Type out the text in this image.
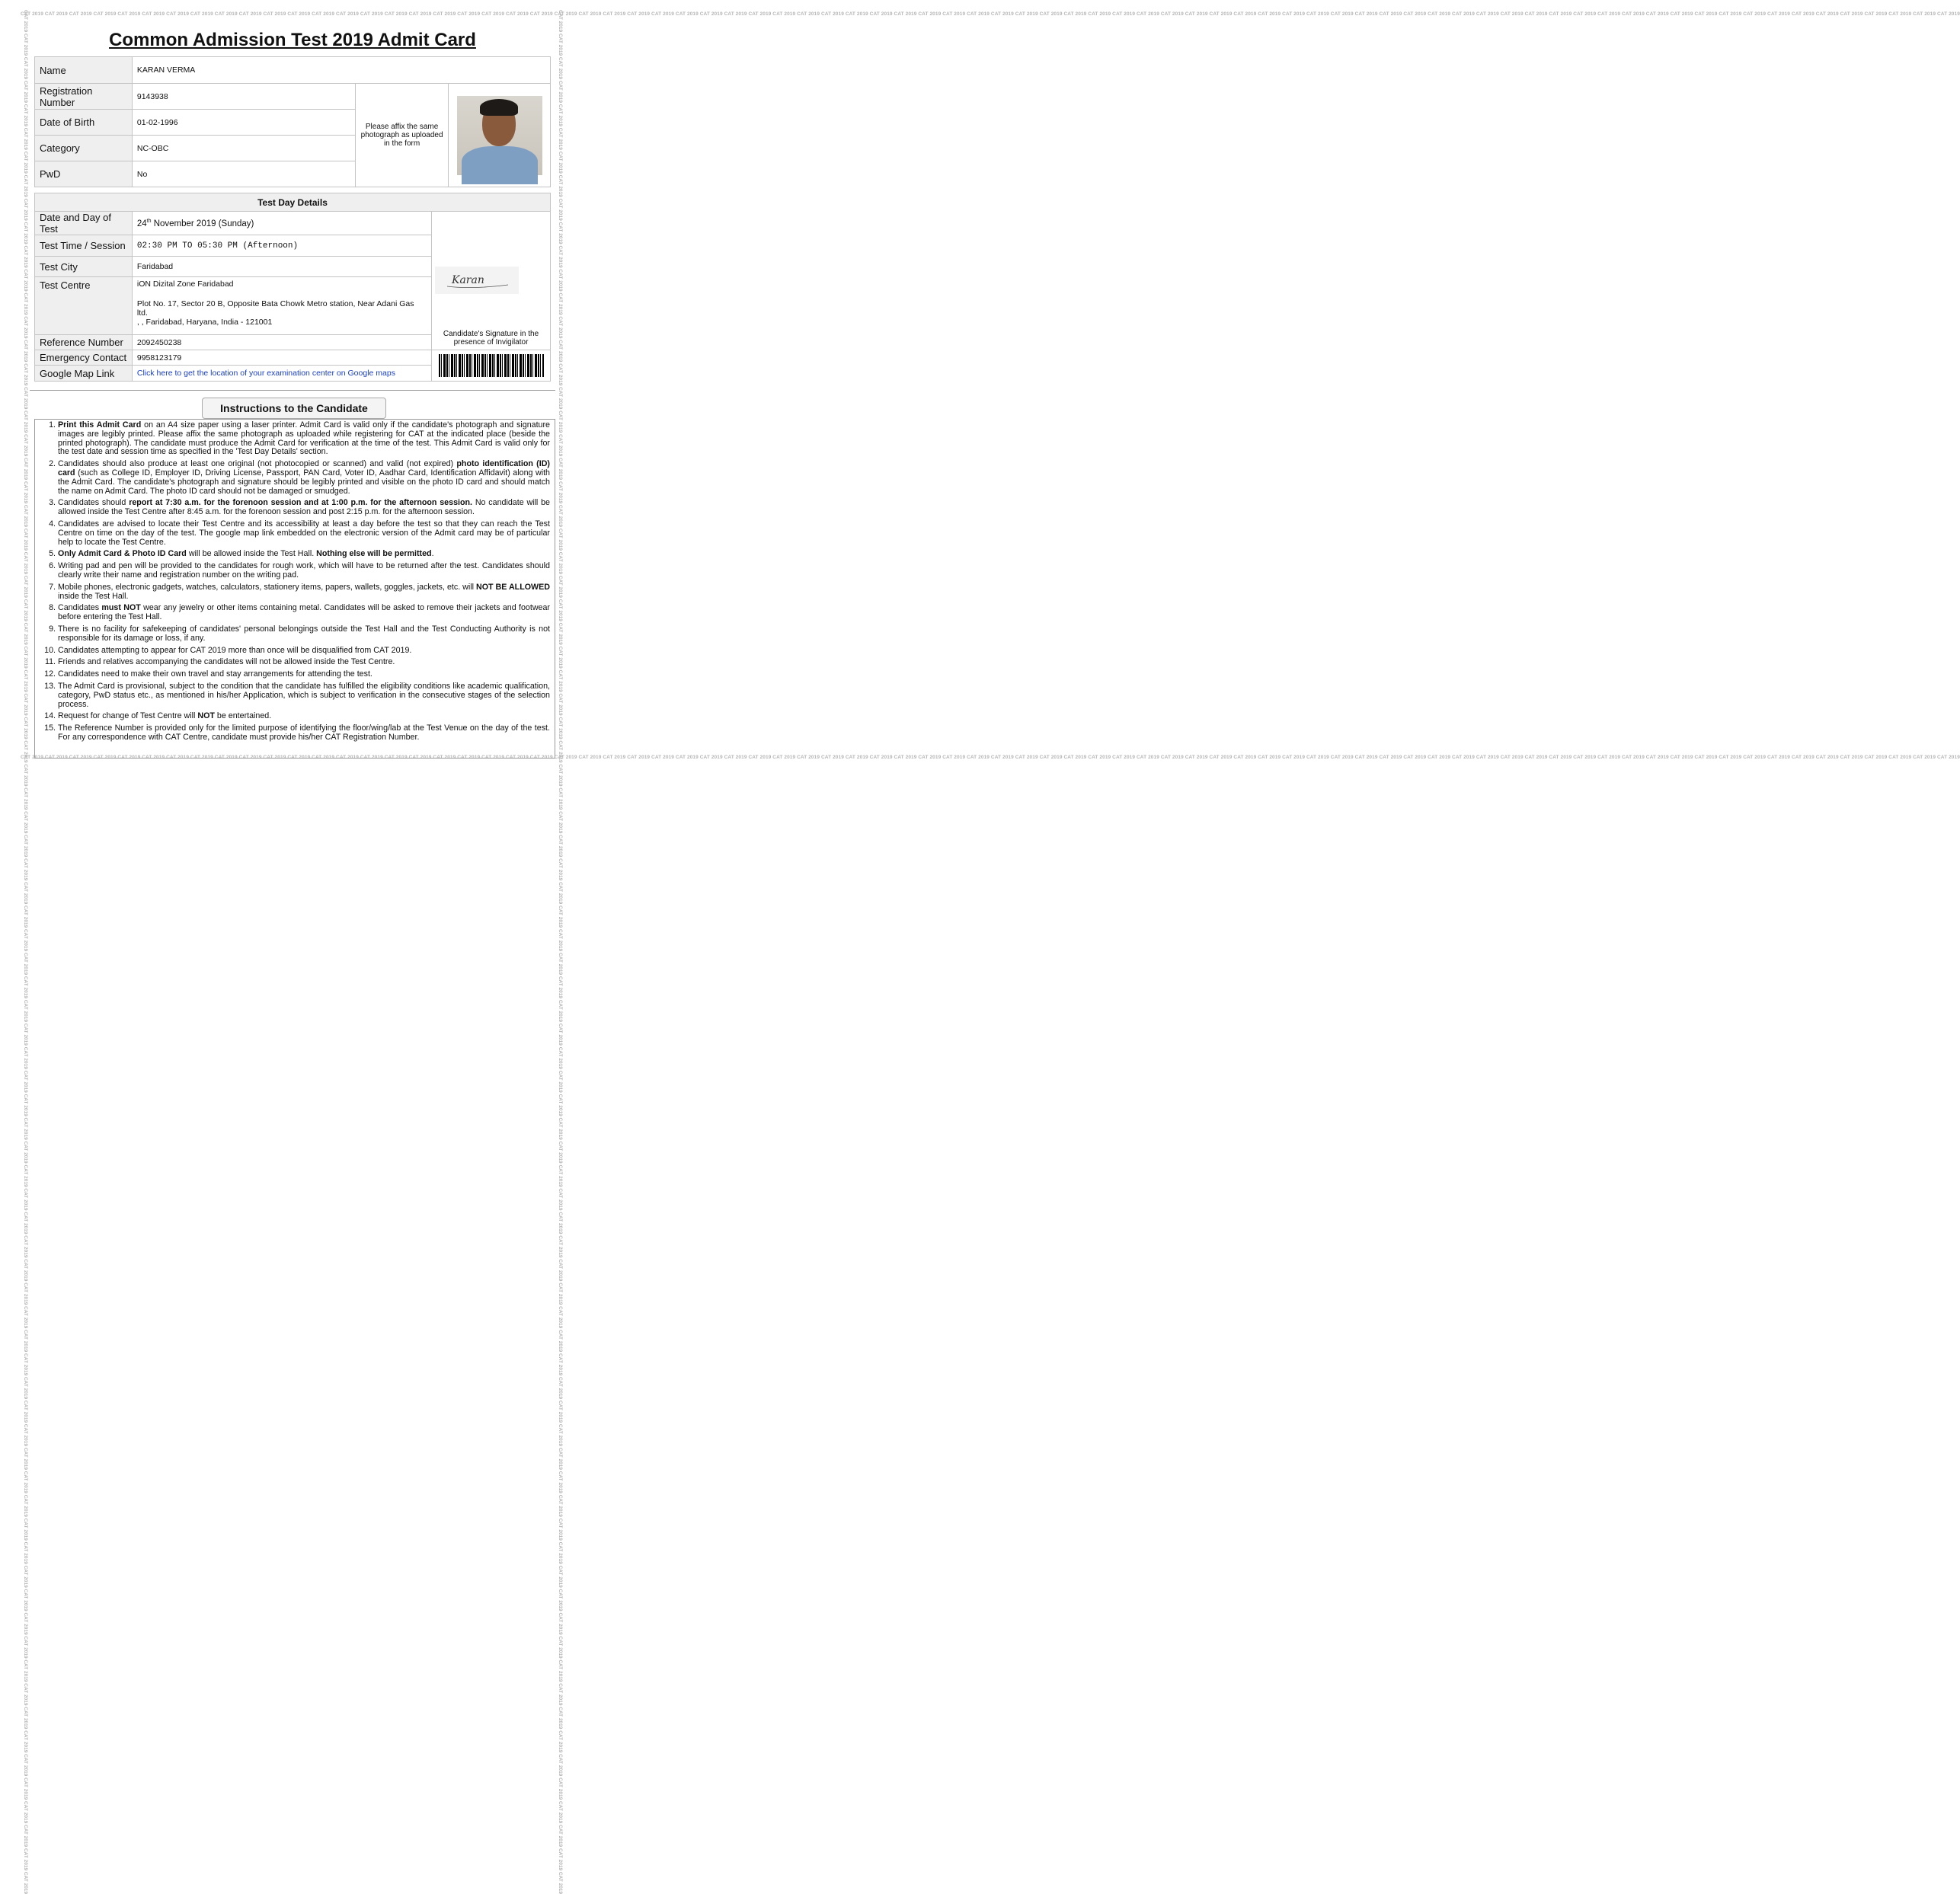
CAT 2019 CAT 2019 CAT 2019 CAT 2019 CAT 2019 CAT 2019 CAT 2019 CAT 2019 CAT 2019 CAT 2019 CAT 2019 CAT 2019 CAT 2019 CAT 2019 CAT 2019 CAT 2019 CAT 2019 CAT 2019 CAT 2019 CAT 2019 CAT 2019 CAT 2019 CAT 2019 CAT 2019 CAT 2019 CAT 2019 CAT 2019 CAT 2019 CAT 2019 CAT 2019 CAT 2019 CAT 2019 CAT 2019 CAT 2019 CAT 2019 CAT 2019 CAT 2019 CAT 2019 CAT 2019 CAT 2019 CAT 2019 CAT 2019 CAT 2019 CAT 2019 CAT 2019 CAT 2019 CAT 2019 CAT 2019 CAT 2019 CAT 2019 CAT 2019 CAT 2019 CAT 2019 CAT 2019 CAT 2019 CAT 2019 CAT 2019 CAT 2019 CAT 2019 CAT 2019 CAT 2019 CAT 2019 CAT 2019 CAT 2019 CAT 2019 CAT 2019 CAT 2019 CAT 2019 CAT 2019 CAT 2019 CAT 2019 CAT 2019 CAT 2019 CAT 2019 CAT 2019 CAT 2019 CAT 2019 CAT 2019 CAT 2019 CAT 2019
CAT 2019 CAT 2019 CAT 2019 CAT 2019 CAT 2019 CAT 2019 CAT 2019 CAT 2019 CAT 2019 CAT 2019 CAT 2019 CAT 2019 CAT 2019 CAT 2019 CAT 2019 CAT 2019 CAT 2019 CAT 2019 CAT 2019 CAT 2019 CAT 2019 CAT 2019 CAT 2019 CAT 2019 CAT 2019 CAT 2019 CAT 2019 CAT 2019 CAT 2019 CAT 2019 CAT 2019 CAT 2019 CAT 2019 CAT 2019 CAT 2019 CAT 2019 CAT 2019 CAT 2019 CAT 2019 CAT 2019 CAT 2019 CAT 2019 CAT 2019 CAT 2019 CAT 2019 CAT 2019 CAT 2019 CAT 2019 CAT 2019 CAT 2019 CAT 2019 CAT 2019 CAT 2019 CAT 2019 CAT 2019 CAT 2019 CAT 2019 CAT 2019 CAT 2019 CAT 2019 CAT 2019 CAT 2019 CAT 2019 CAT 2019 CAT 2019 CAT 2019 CAT 2019 CAT 2019 CAT 2019 CAT 2019 CAT 2019 CAT 2019 CAT 2019 CAT 2019 CAT 2019 CAT 2019 CAT 2019 CAT 2019 CAT 2019 CAT 2019
CAT 2019 CAT 2019 CAT 2019 CAT 2019 CAT 2019 CAT 2019 CAT 2019 CAT 2019 CAT 2019 CAT 2019 CAT 2019 CAT 2019 CAT 2019 CAT 2019 CAT 2019 CAT 2019 CAT 2019 CAT 2019 CAT 2019 CAT 2019 CAT 2019 CAT 2019 CAT 2019 CAT 2019 CAT 2019 CAT 2019 CAT 2019 CAT 2019 CAT 2019 CAT 2019 CAT 2019 CAT 2019 CAT 2019 CAT 2019 CAT 2019 CAT 2019 CAT 2019 CAT 2019 CAT 2019 CAT 2019 CAT 2019 CAT 2019 CAT 2019 CAT 2019 CAT 2019 CAT 2019 CAT 2019 CAT 2019 CAT 2019 CAT 2019 CAT 2019 CAT 2019 CAT 2019 CAT 2019 CAT 2019 CAT 2019 CAT 2019 CAT 2019 CAT 2019 CAT 2019 CAT 2019 CAT 2019 CAT 2019 CAT 2019 CAT 2019 CAT 2019 CAT 2019 CAT 2019 CAT 2019 CAT 2019 CAT 2019 CAT 2019 CAT 2019 CAT 2019 CAT 2019 CAT 2019 CAT 2019 CAT 2019 CAT 2019 CAT 2019	CAT 2019 CAT 2019 CAT 2019 CAT 2019 CAT 2019 CAT 2019 CAT 2019 CAT 2019 CAT 2019 CAT 2019 CAT 2019 CAT 2019 CAT 2019 CAT 2019 CAT 2019 CAT 2019 CAT 2019 CAT 2019 CAT 2019 CAT 2019 CAT 2019 CAT 2019 CAT 2019 CAT 2019 CAT 2019 CAT 2019 CAT 2019 CAT 2019 CAT 2019 CAT 2019 CAT 2019 CAT 2019 CAT 2019 CAT 2019 CAT 2019 CAT 2019 CAT 2019 CAT 2019 CAT 2019 CAT 2019 CAT 2019 CAT 2019 CAT 2019 CAT 2019 CAT 2019 CAT 2019 CAT 2019 CAT 2019 CAT 2019 CAT 2019 CAT 2019 CAT 2019 CAT 2019 CAT 2019 CAT 2019 CAT 2019 CAT 2019 CAT 2019 CAT 2019 CAT 2019 CAT 2019 CAT 2019 CAT 2019 CAT 2019 CAT 2019 CAT 2019 CAT 2019 CAT 2019 CAT 2019 CAT 2019 CAT 2019 CAT 2019 CAT 2019 CAT 2019 CAT 2019 CAT 2019 CAT 2019 CAT 2019 CAT 2019 CAT 2019
Common Admission Test 2019 Admit Card
Name	KARAN VERMA		
Registration Number	9143938	Please affix the same photograph as uploaded in the form	

Date of Birth	01-02-1996		
Category	NC-OBC		
PwD	No		
Test Day Details		
Date and Day of Test	24th November 2019 (Sunday)	Karan
Candidate's Signature in the presence of Invigilator

Test Time / Session	02:30 PM TO 05:30 PM (Afternoon)	
Test City	Faridabad	
Test Centre	iON Dizital Zone Faridabad
Plot No. 17, Sector 20 B, Opposite Bata Chowk Metro station, Near Adani Gas ltd.
, , Faridabad, Haryana, India - 121001	

Reference Number	2092450238	
Emergency Contact	9958123179	

Google Map Link	Click here to get the location of your examination center on Google maps	
Instructions to the Candidate
1. Print this Admit Card on an A4 size paper using a laser printer. Admit Card is valid only if the candidate's photograph and signature images are legibly printed. Please affix the same photograph as uploaded while registering for CAT at the indicated place (beside the printed photograph). The candidate must produce the Admit Card for verification at the time of the test. This Admit Card is valid only for the test date and session time as specified in the 'Test Day Details' section.
2. Candidates should also produce at least one original (not photocopied or scanned) and valid (not expired) photo identification (ID) card (such as College ID, Employer ID, Driving License, Passport, PAN Card, Voter ID, Aadhar Card, Identification Affidavit) along with the Admit Card. The candidate's photograph and signature should be legibly printed and visible on the photo ID card and should match the name on Admit Card. The photo ID card should not be damaged or smudged.
3. Candidates should report at 7:30 a.m. for the forenoon session and at 1:00 p.m. for the afternoon session. No candidate will be allowed inside the Test Centre after 8:45 a.m. for the forenoon session and post 2:15 p.m. for the afternoon session.
4. Candidates are advised to locate their Test Centre and its accessibility at least a day before the test so that they can reach the Test Centre on time on the day of the test. The google map link embedded on the electronic version of the Admit card may be of particular help to locate the Test Centre.
5. Only Admit Card & Photo ID Card will be allowed inside the Test Hall. Nothing else will be permitted.
6. Writing pad and pen will be provided to the candidates for rough work, which will have to be returned after the test. Candidates should clearly write their name and registration number on the writing pad.
7. Mobile phones, electronic gadgets, watches, calculators, stationery items, papers, wallets, goggles, jackets, etc. will NOT BE ALLOWED inside the Test Hall.
8. Candidates must NOT wear any jewelry or other items containing metal. Candidates will be asked to remove their jackets and footwear before entering the Test Hall.
9. There is no facility for safekeeping of candidates' personal belongings outside the Test Hall and the Test Conducting Authority is not responsible for its damage or loss, if any.
10. Candidates attempting to appear for CAT 2019 more than once will be disqualified from CAT 2019.
11. Friends and relatives accompanying the candidates will not be allowed inside the Test Centre.
12. Candidates need to make their own travel and stay arrangements for attending the test.
13. The Admit Card is provisional, subject to the condition that the candidate has fulfilled the eligibility conditions like academic qualification, category, PwD status etc., as mentioned in his/her Application, which is subject to verification in the consecutive stages of the selection process.
14. Request for change of Test Centre will NOT be entertained.
15. The Reference Number is provided only for the limited purpose of identifying the floor/wing/lab at the Test Venue on the day of the test. For any correspondence with CAT Centre, candidate must provide his/her CAT Registration Number.
